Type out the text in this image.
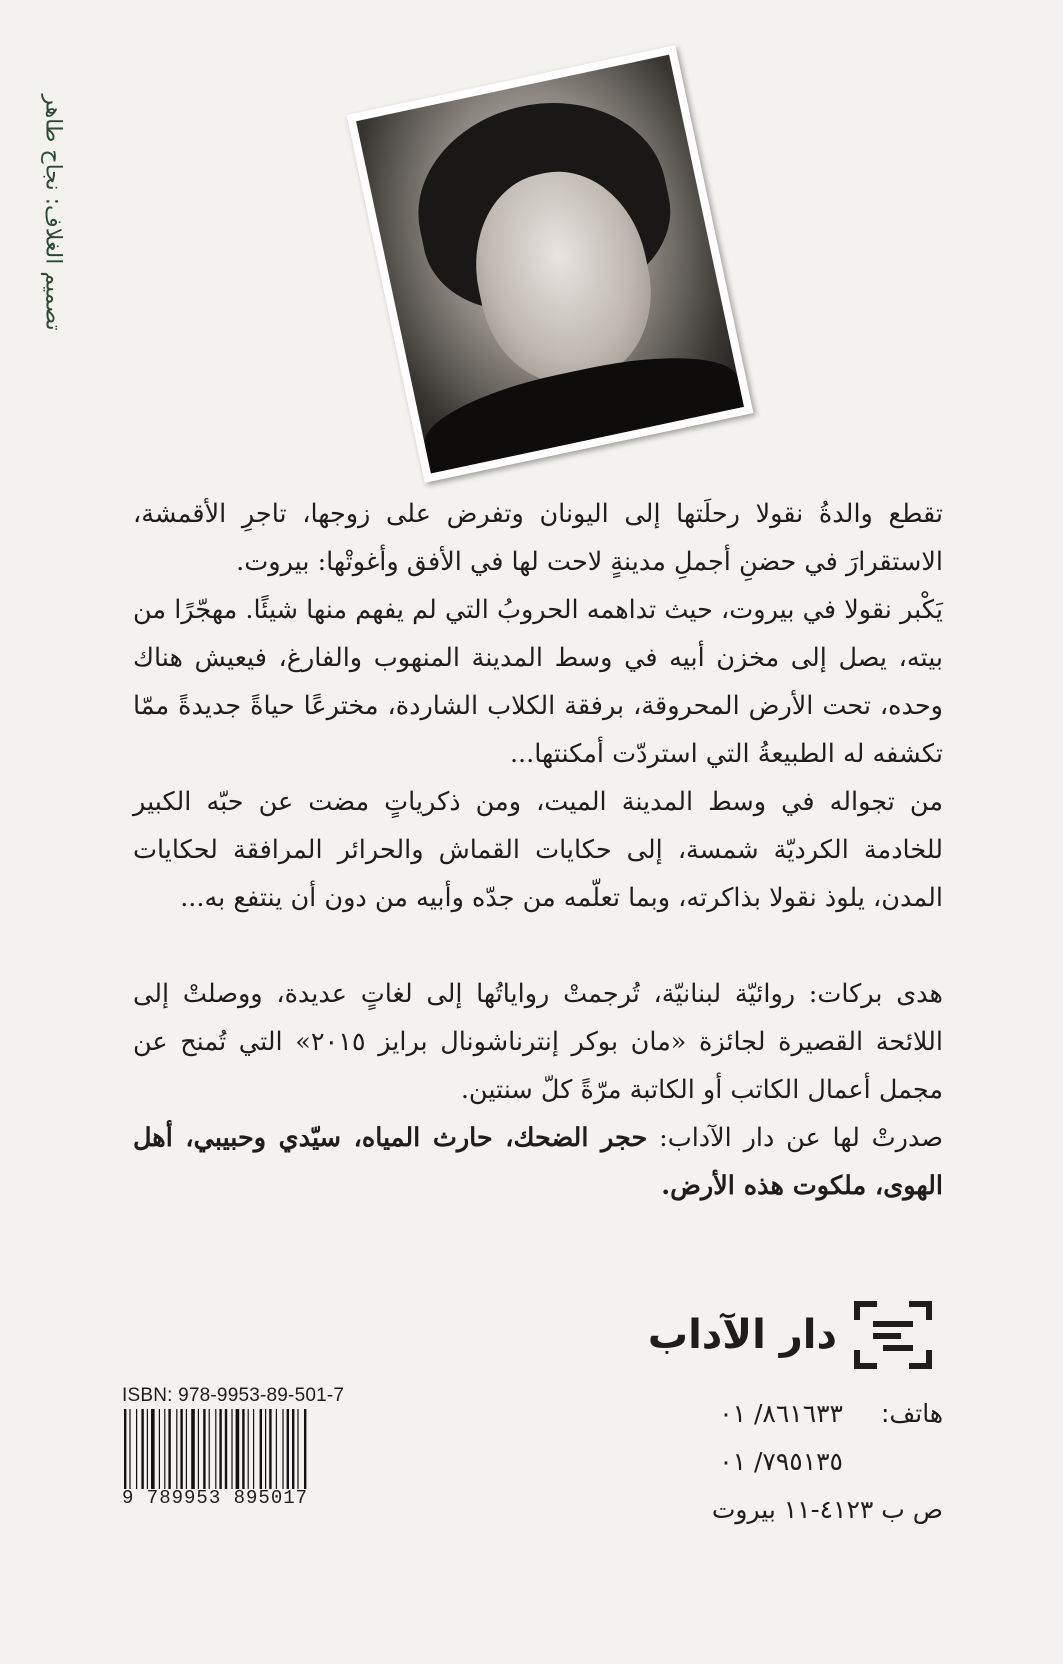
تصميم الغلاف: نجاح طاهر

تقطع والدةُ نقولا رحلَتها إلى اليونان وتفرض على زوجها، تاجرِ الأقمشة، الاستقرارَ في حضنِ أجملِ مدينةٍ لاحت لها في الأفق وأغوتْها: بيروت.

يَكْبر نقولا في بيروت، حيث تداهمه الحروبُ التي لم يفهم منها شيئًا. مهجّرًا من بيته، يصل إلى مخزن أبيه في وسط المدينة المنهوب والفارغ، فيعيش هناك وحده، تحت الأرض المحروقة، برفقة الكلاب الشاردة، مخترعًا حياةً جديدةً ممّا تكشفه له الطبيعةُ التي استردّت أمكنتها...

من تجواله في وسط المدينة الميت، ومن ذكرياتٍ مضت عن حبّه الكبير للخادمة الكرديّة شمسة، إلى حكايات القماش والحرائر المرافقة لحكايات المدن، يلوذ نقولا بذاكرته، وبما تعلّمه من جدّه وأبيه من دون أن ينتفع به...

هدى بركات: روائيّة لبنانيّة، تُرجمتْ رواياتُها إلى لغاتٍ عديدة، ووصلتْ إلى اللائحة القصيرة لجائزة «مان بوكر إنترناشونال برايز ٢٠١٥» التي تُمنح عن مجمل أعمال الكاتب أو الكاتبة مرّةً كلّ سنتين.

صدرتْ لها عن دار الآداب: حجر الضحك، حارث المياه، سيّدي وحبيبي، أهل الهوى، ملكوت هذه الأرض.

دار الآداب
هاتف:
٨٦١٦٣٣/ ٠١
٧٩٥١٣٥/ ٠١
ص ب ٤١٢٣-١١ بيروت
ISBN: 978-9953-89-501-7
9 789953 895017
